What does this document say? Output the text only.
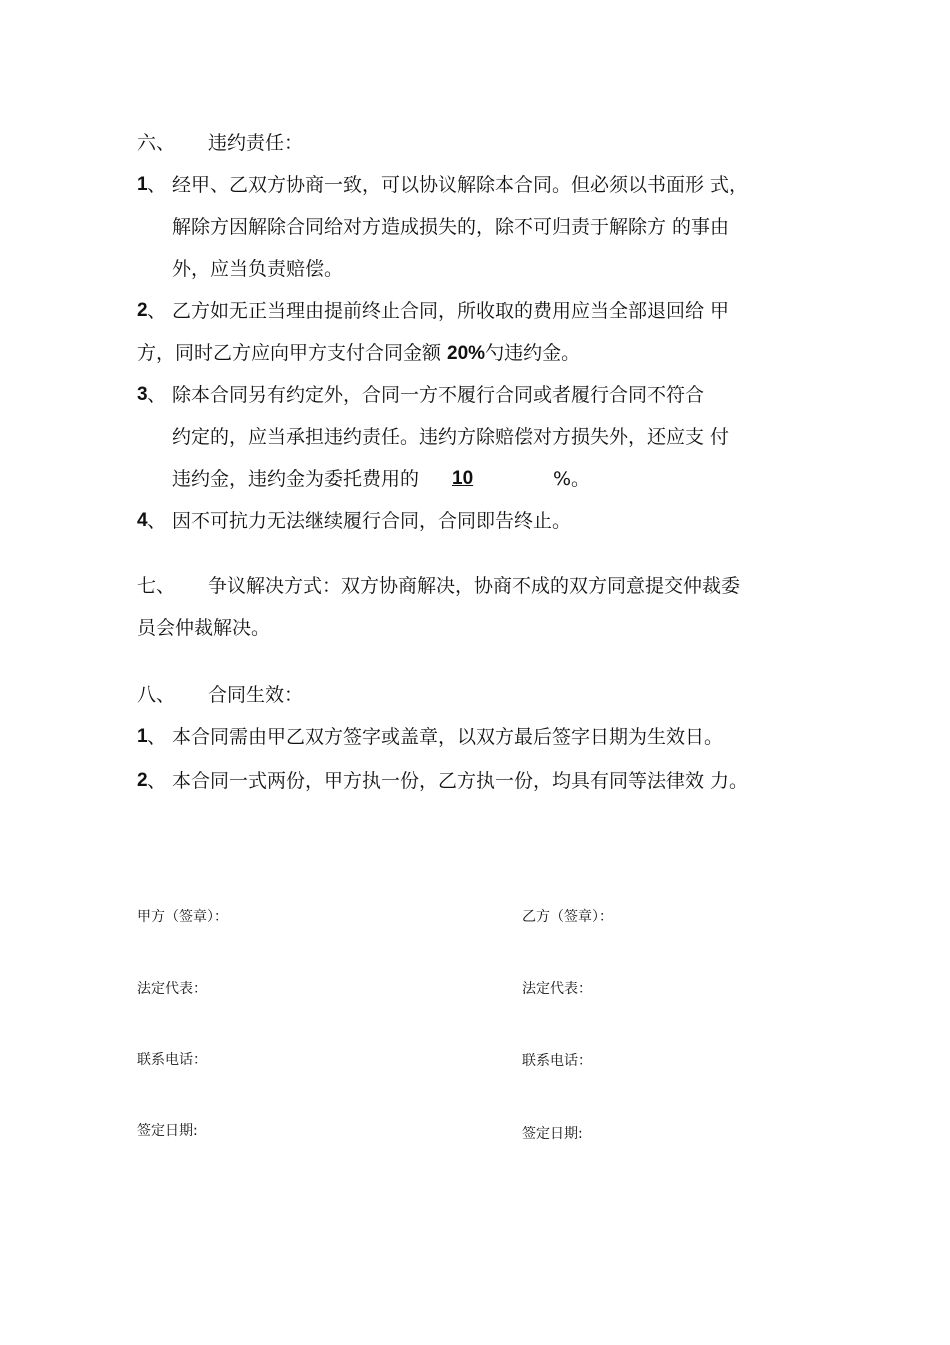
六、 违约责任：
1 、 经甲、乙双方协商一致，可以协议解除本合同。但必须以书面形 式，
解除方因解除合同给对方造成损失的，除不可归责于解除方 的事由
外，应当负责赔偿。
2 、 乙方如无正当理由提前终止合同，所收取的费用应当全部退回给 甲
方，同时乙方应向甲方支付合同金额 20%勺违约金。
3 、 除本合同另有约定外，合同一方不履行合同或者履行合同不符合
约定的，应当承担违约责任。违约方除赔偿对方损失外，还应支 付
违约金，违约金为委托费用的 10	%。
4 、 因不可抗力无法继续履行合同，合同即告终止。
七、 争议解决方式：双方协商解决，协商不成的双方同意提交仲裁委
员会仲裁解决。
八、 合同生效：
1 、 本合同需由甲乙双方签字或盖章，以双方最后签字日期为生效日。
2 、 本合同一式两份，甲方执一份，乙方执一份，均具有同等法律效 力。
甲方（签章）：
法定代表：
联系电话：
签定日期:
乙方（签章）：
法定代表：
联系电话：
签定日期:
